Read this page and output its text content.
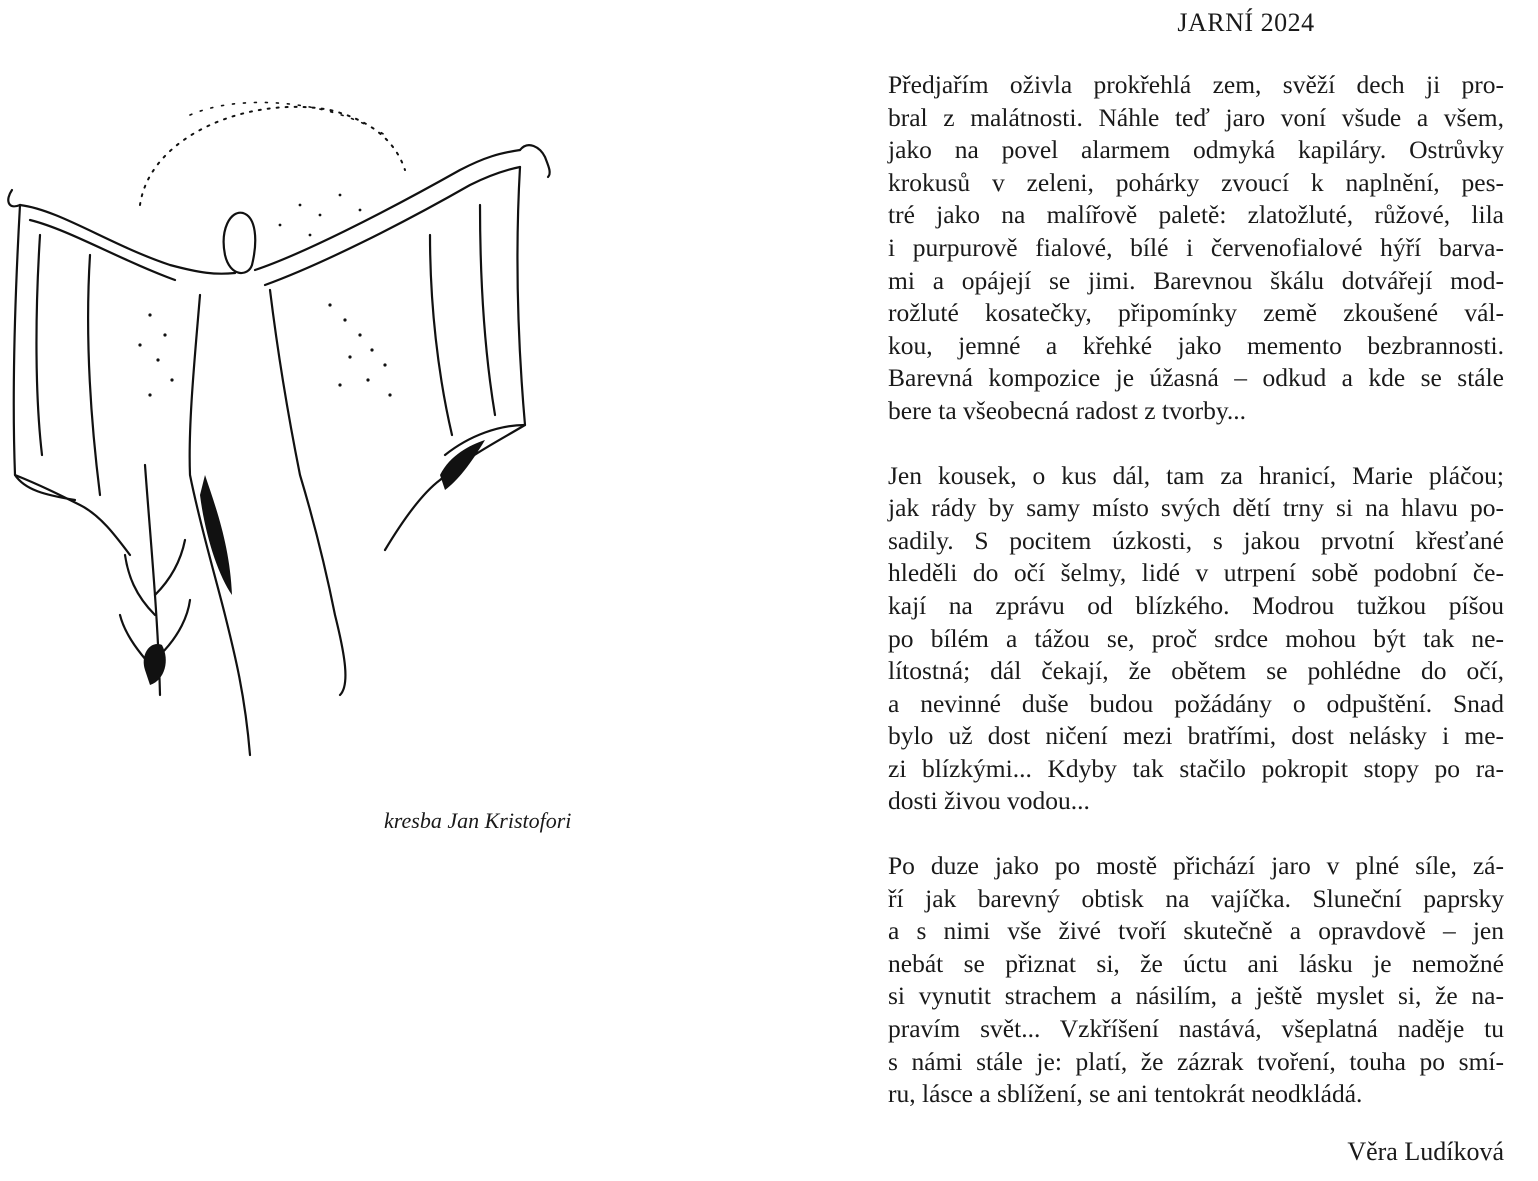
kresba Jan Kristofori
JARNÍ 2024

Předjařím oživla prokřehlá zem, svěží dech ji pro-
bral z malátnosti. Náhle teď jaro voní všude a všem,
jako na povel alarmem odmyká kapiláry. Ostrůvky
krokusů v zeleni, pohárky zvoucí k naplnění, pes-
tré jako na malířově paletě: zlatožluté, růžové, lila
i purpurově fialové, bílé i červenofialové hýří barva-
mi a opájejí se jimi. Barevnou škálu dotvářejí mod-
rožluté kosatečky, připomínky země zkoušené vál-
kou, jemné a křehké jako memento bezbrannosti.
Barevná kompozice je úžasná – odkud a kde se stále
bere ta všeobecná radost z tvorby...

Jen kousek, o kus dál, tam za hranicí, Marie pláčou;
jak rády by samy místo svých dětí trny si na hlavu po-
sadily. S pocitem úzkosti, s jakou prvotní křesťané
hleděli do očí šelmy, lidé v utrpení sobě podobní če-
kají na zprávu od blízkého. Modrou tužkou píšou
po bílém a tážou se, proč srdce mohou být tak ne-
lítostná; dál čekají, že obětem se pohlédne do očí,
a nevinné duše budou požádány o odpuštění. Snad
bylo už dost ničení mezi bratřími, dost nelásky i me-
zi blízkými... Kdyby tak stačilo pokropit stopy po ra-
dosti živou vodou...

Po duze jako po mostě přichází jaro v plné síle, zá-
ří jak barevný obtisk na vajíčka. Sluneční paprsky
a s nimi vše živé tvoří skutečně a opravdově – jen
nebát se přiznat si, že úctu ani lásku je nemožné
si vynutit strachem a násilím, a ještě myslet si, že na-
pravím svět... Vzkříšení nastává, všeplatná naděje tu
s námi stále je: platí, že zázrak tvoření, touha po smí-
ru, lásce a sblížení, se ani tentokrát neodkládá.

Věra Ludíková
